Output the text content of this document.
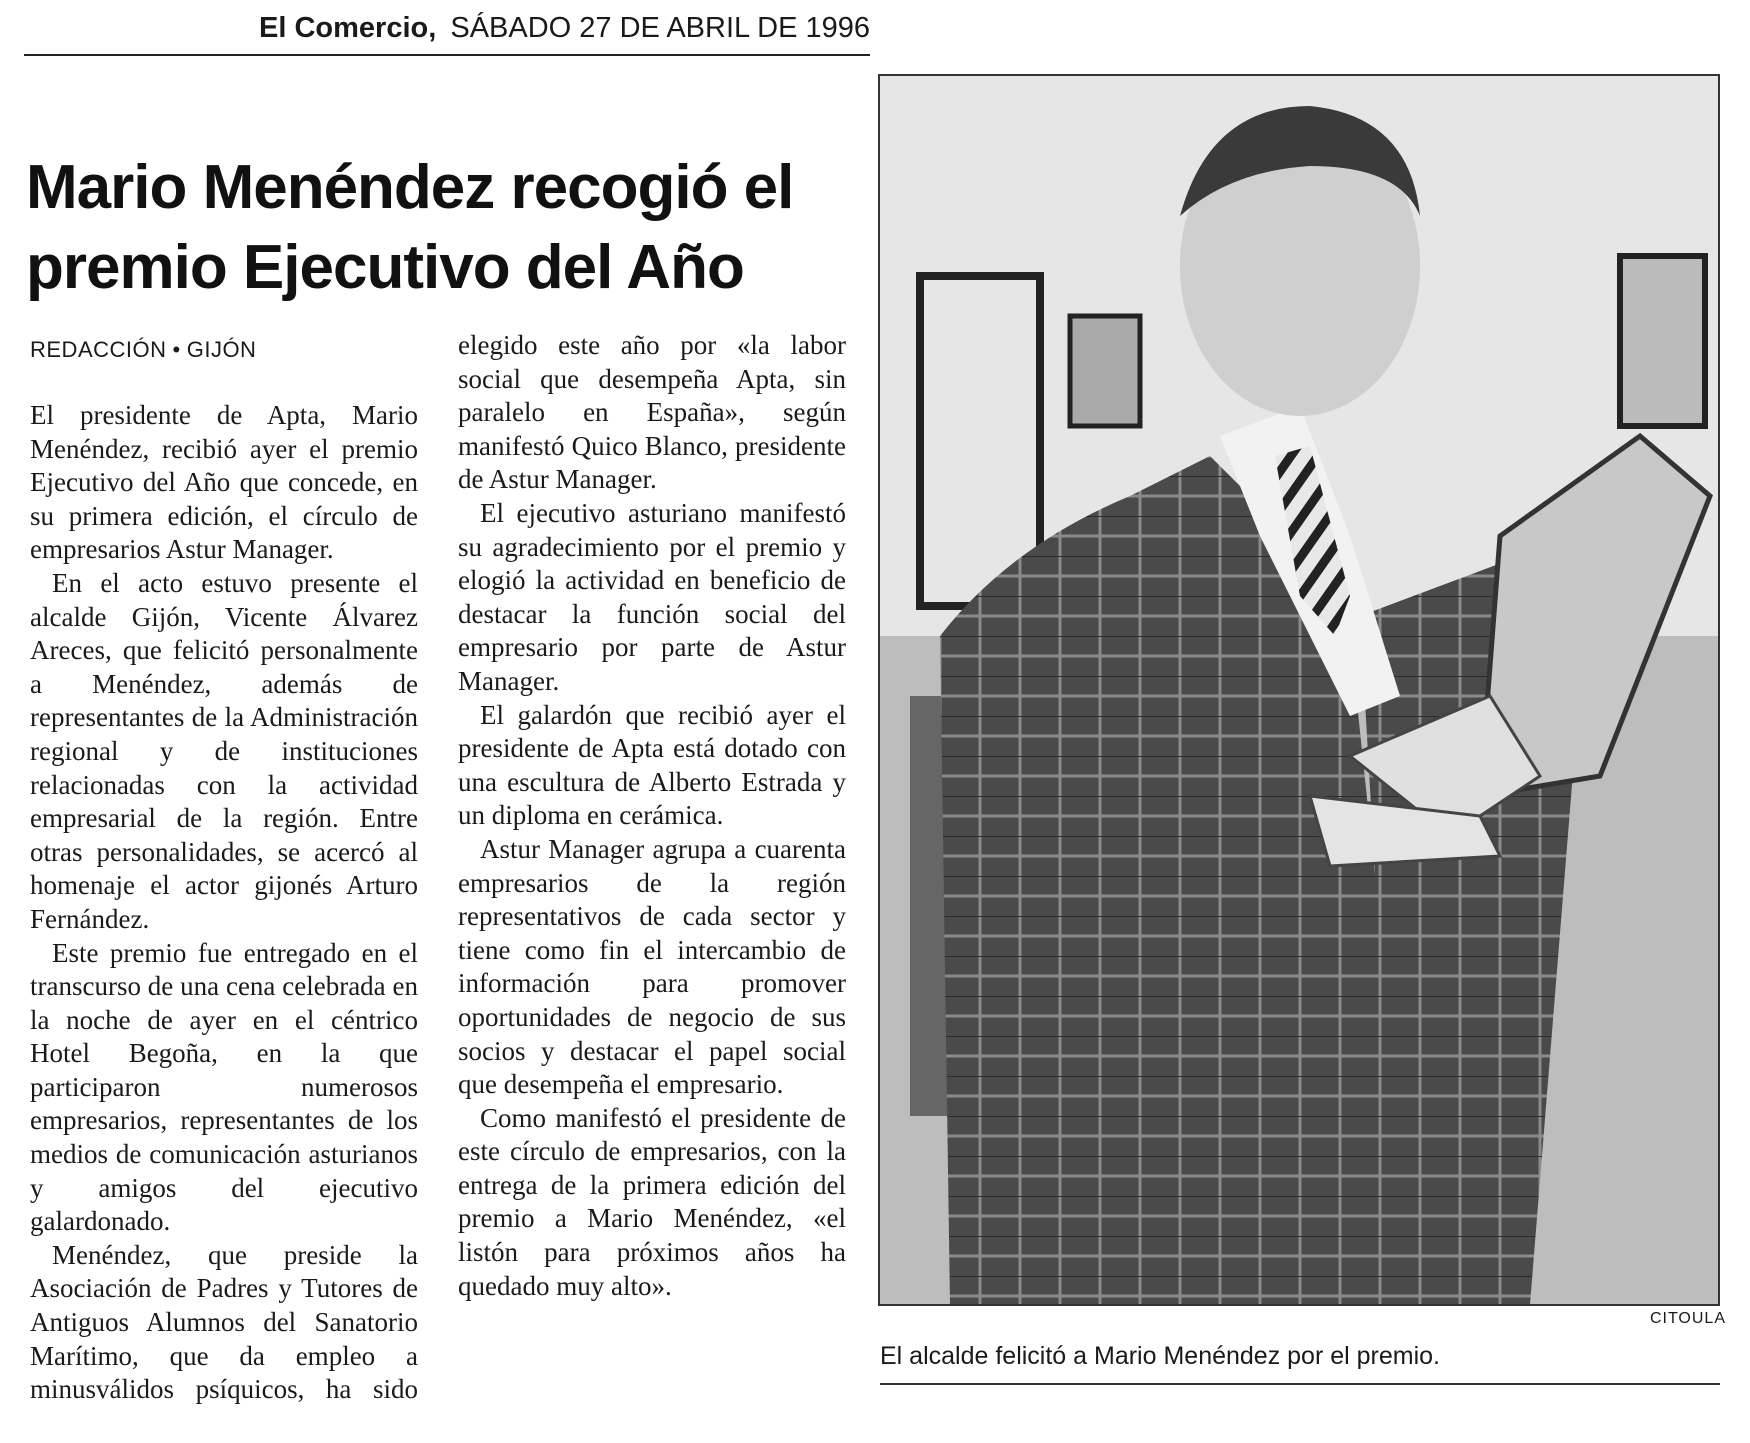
El Comercio, SÁBADO 27 DE ABRIL DE 1996
Mario Menéndez recogió el
premio Ejecutivo del Año
REDACCIÓN • GIJÓN

El presidente de Apta, Mario Menéndez, recibió ayer el premio Ejecutivo del Año que concede, en su primera edición, el círculo de empresarios Astur Manager.

En el acto estuvo presente el alcalde Gijón, Vicente Álvarez Areces, que felicitó personalmente a Menéndez, además de representantes de la Administración regional y de instituciones relacionadas con la actividad empresarial de la región. Entre otras personalidades, se acercó al homenaje el actor gijonés Arturo Fernández.

Este premio fue entregado en el transcurso de una cena celebrada en la noche de ayer en el céntrico Hotel Begoña, en la que participaron numerosos empresarios, representantes de los medios de comunicación asturianos y amigos del ejecutivo galardonado.

Menéndez, que preside la Asociación de Padres y Tutores de Antiguos Alumnos del Sanatorio Marítimo, que da empleo a minusválidos psíquicos, ha sido

elegido este año por «la labor social que desempeña Apta, sin paralelo en España», según manifestó Quico Blanco, presidente de Astur Manager.

El ejecutivo asturiano manifestó su agradecimiento por el premio y elogió la actividad en beneficio de destacar la función social del empresario por parte de Astur Manager.

El galardón que recibió ayer el presidente de Apta está dotado con una escultura de Alberto Estrada y un diploma en cerámica.

Astur Manager agrupa a cuarenta empresarios de la región representativos de cada sector y tiene como fin el intercambio de información para promover oportunidades de negocio de sus socios y destacar el papel social que desempeña el empresario.

Como manifestó el presidente de este círculo de empresarios, con la entrega de la primera edición del premio a Mario Menéndez, «el listón para próximos años ha quedado muy alto».

CITOULA
El alcalde felicitó a Mario Menéndez por el premio.
